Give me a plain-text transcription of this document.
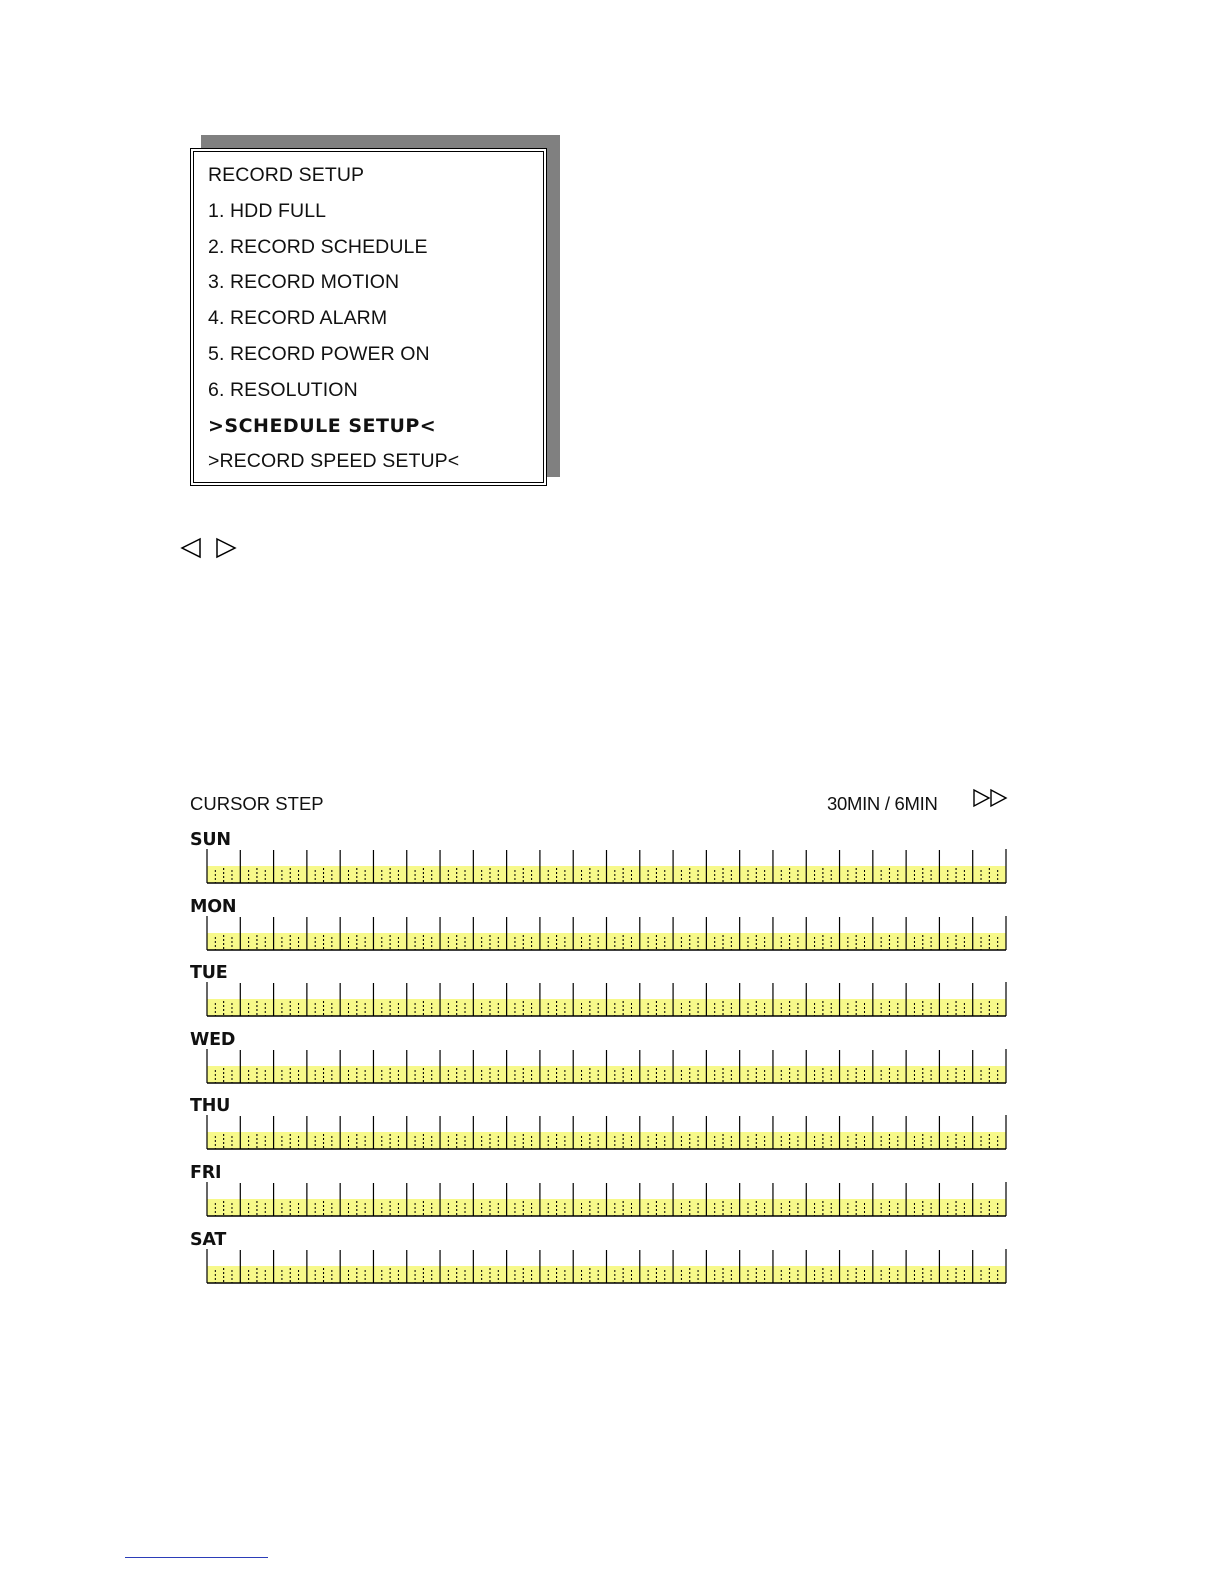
RECORD SETUP
1. HDD FULL
2. RECORD SCHEDULE
3. RECORD MOTION
4. RECORD ALARM
5. RECORD POWER ON
6. RESOLUTION
>SCHEDULE SETUP<
>RECORD SPEED SETUP<
CURSOR STEP	30MIN / 6MIN
SUN
MON
TUE
WED
THU
FRI
SAT
